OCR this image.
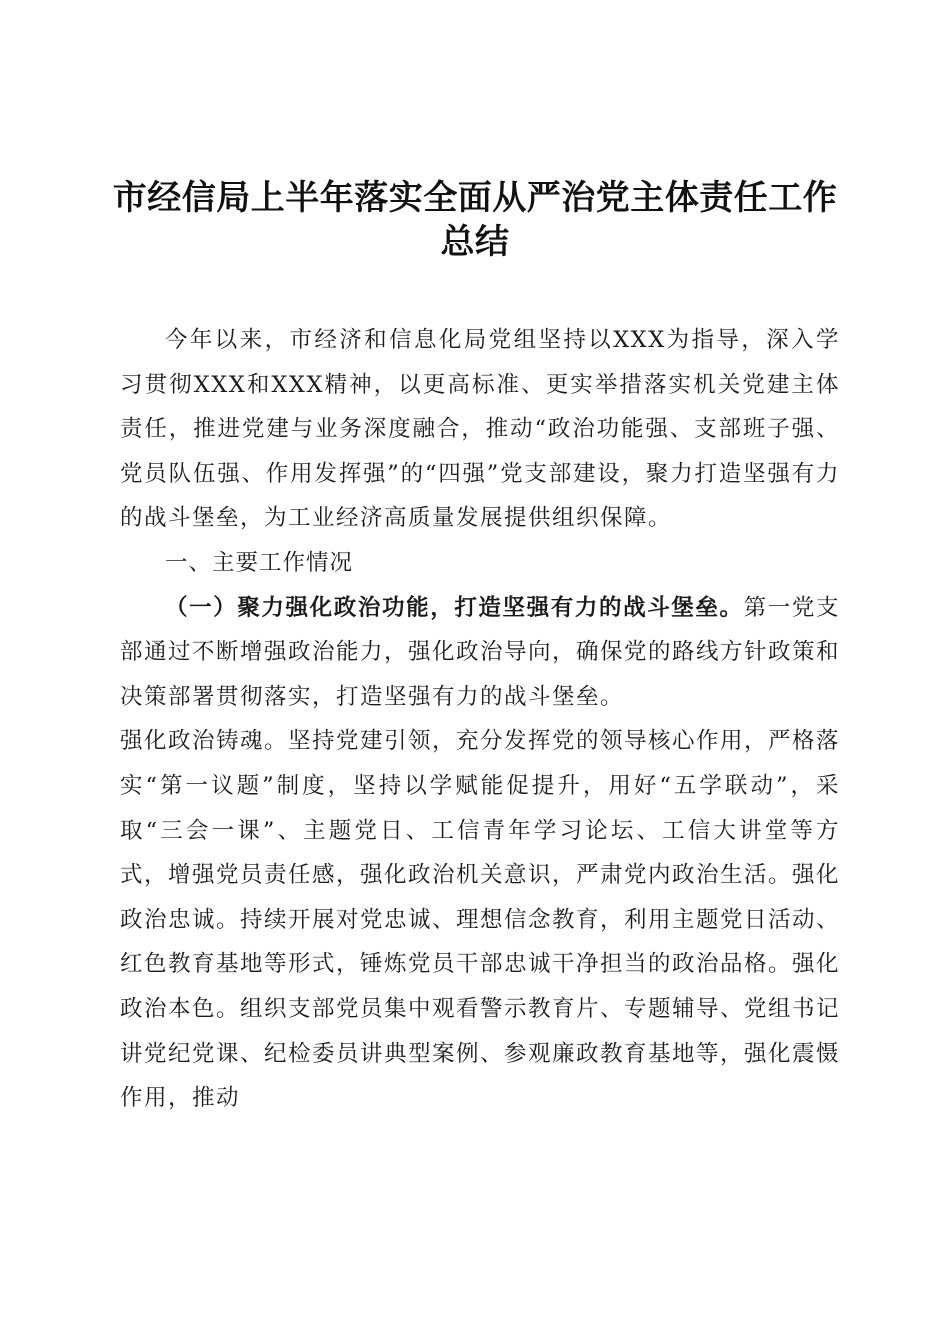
市经信局上半年落实全面从严治党主体责任工作总结

今年以来，市经济和信息化局党组坚持以XXX为指导，深入学习贯彻XXX和XXX精神，以更高标准、更实举措落实机关党建主体责任，推进党建与业务深度融合，推动“政治功能强、支部班子强、党员队伍强、作用发挥强”的“四强”党支部建设，聚力打造坚强有力的战斗堡垒，为工业经济高质量发展提供组织保障。

一、主要工作情况

（一）聚力强化政治功能，打造坚强有力的战斗堡垒。第一党支部通过不断增强政治能力，强化政治导向，确保党的路线方针政策和决策部署贯彻落实，打造坚强有力的战斗堡垒。

强化政治铸魂。坚持党建引领，充分发挥党的领导核心作用，严格落实“第一议题”制度，坚持以学赋能促提升，用好“五学联动”，采取“三会一课”、主题党日、工信青年学习论坛、工信大讲堂等方式，增强党员责任感，强化政治机关意识，严肃党内政治生活。强化政治忠诚。持续开展对党忠诚、理想信念教育，利用主题党日活动、红色教育基地等形式，锤炼党员干部忠诚干净担当的政治品格。强化政治本色。组织支部党员集中观看警示教育片、专题辅导、党组书记讲党纪党课、纪检委员讲典型案例、参观廉政教育基地等，强化震慑作用，推动
